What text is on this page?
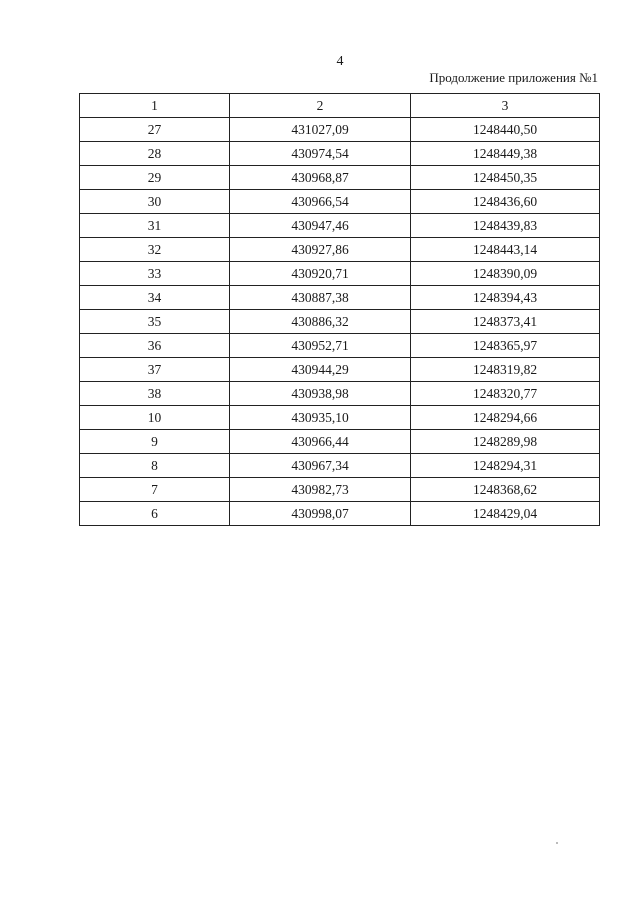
4
Продолжение приложения №1
1	2	3
27	431027,09	1248440,50
28	430974,54	1248449,38
29	430968,87	1248450,35
30	430966,54	1248436,60
31	430947,46	1248439,83
32	430927,86	1248443,14
33	430920,71	1248390,09
34	430887,38	1248394,43
35	430886,32	1248373,41
36	430952,71	1248365,97
37	430944,29	1248319,82
38	430938,98	1248320,77
10	430935,10	1248294,66
9	430966,44	1248289,98
8	430967,34	1248294,31
7	430982,73	1248368,62
6	430998,07	1248429,04
